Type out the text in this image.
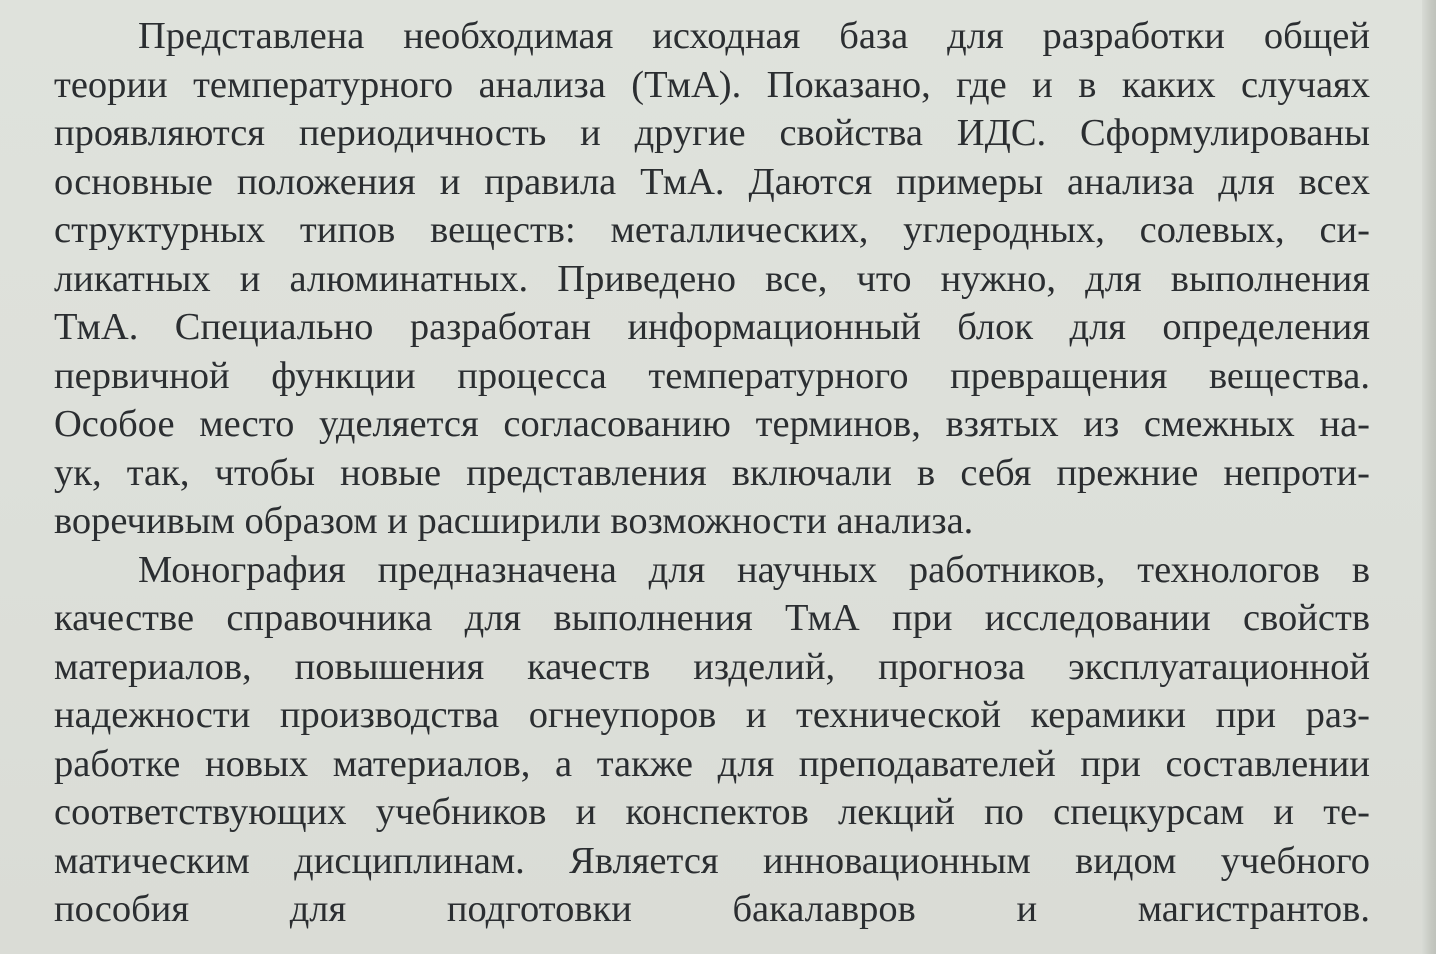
Представлена необходимая исходная база для разработки общей
теории температурного анализа (ТмА). Показано, где и в каких случаях
проявляются периодичность и другие свойства ИДС. Сформулированы
основные положения и правила ТмА. Даются примеры анализа для всех
структурных типов веществ: металлических, углеродных, солевых, си-
ликатных и алюминатных. Приведено все, что нужно, для выполнения
ТмА. Специально разработан информационный блок для определения
первичной функции процесса температурного превращения вещества.
Особое место уделяется согласованию терминов, взятых из смежных на-
ук, так, чтобы новые представления включали в себя прежние непроти-
воречивым образом и расширили возможности анализа.
Монография предназначена для научных работников, технологов в
качестве справочника для выполнения ТмА при исследовании свойств
материалов, повышения качеств изделий, прогноза эксплуатационной
надежности производства огнеупоров и технической керамики при раз-
работке новых материалов, а также для преподавателей при составлении
соответствующих учебников и конспектов лекций по спецкурсам и те-
матическим дисциплинам. Является инновационным видом учебного
пособия для подготовки бакалавров и магистрантов.
